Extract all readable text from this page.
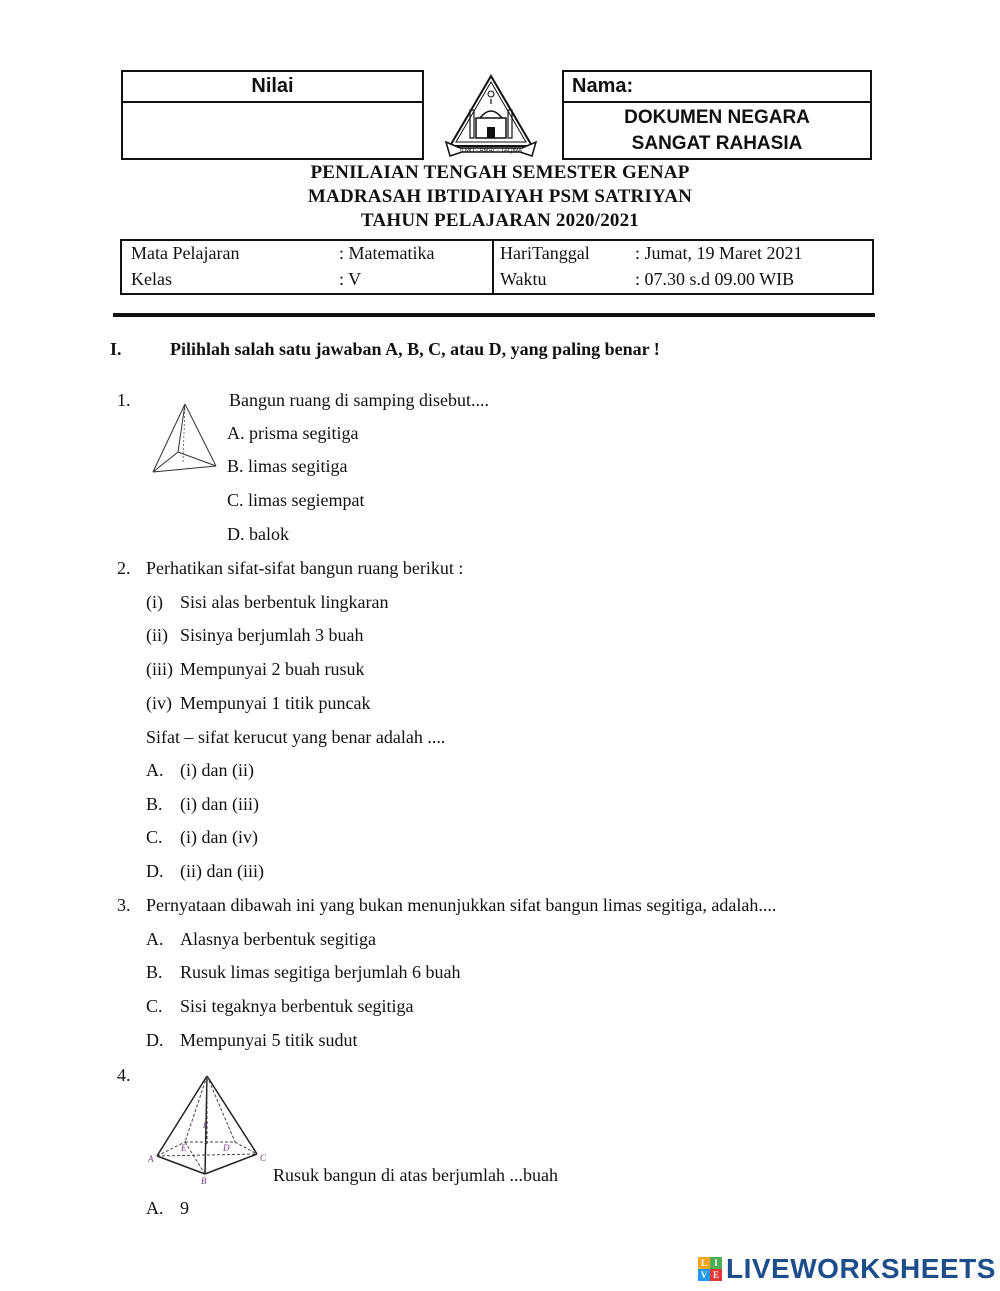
Nilai
ILMU - AMAL - TAQWA
Nama:
DOKUMEN NEGARA
SANGAT RAHASIA
PENILAIAN TENGAH SEMESTER GENAP
MADRASAH IBTIDAIYAH PSM SATRIYAN
TAHUN PELAJARAN 2020/2021
Mata Pelajaran	: Matematika
Kelas	: V
HariTanggal	: Jumat, 19 Maret 2021
Waktu	: 07.30 s.d 09.00 WIB
I.	Pilihlah salah satu jawaban A, B, C, atau D, yang paling benar !
1.	Bangun ruang di samping disebut....
A. prisma segitiga
B. limas segitiga
C. limas segiempat
D. balok
2. Perhatikan sifat-sifat bangun ruang berikut :
(i) Sisi alas berbentuk lingkaran
(ii) Sisinya berjumlah 3 buah
(iii) Mempunyai 2 buah rusuk
(iv) Mempunyai 1 titik puncak
Sifat – sifat kerucut yang benar adalah ....
A. (i) dan (ii)
B. (i) dan (iii)
C. (i) dan (iv)
D. (ii) dan (iii)
3. Pernyataan dibawah ini yang bukan menunjukkan sifat bangun limas segitiga, adalah....
A. Alasnya berbentuk segitiga
B. Rusuk limas segitiga berjumlah 6 buah
C. Sisi tegaknya berbentuk segitiga
D. Mempunyai 5 titik sudut
4.
A
B
C
D
E
F
Rusuk bangun di atas berjumlah ...buah
A. 9
L I
V E LIVEWORKSHEETS
